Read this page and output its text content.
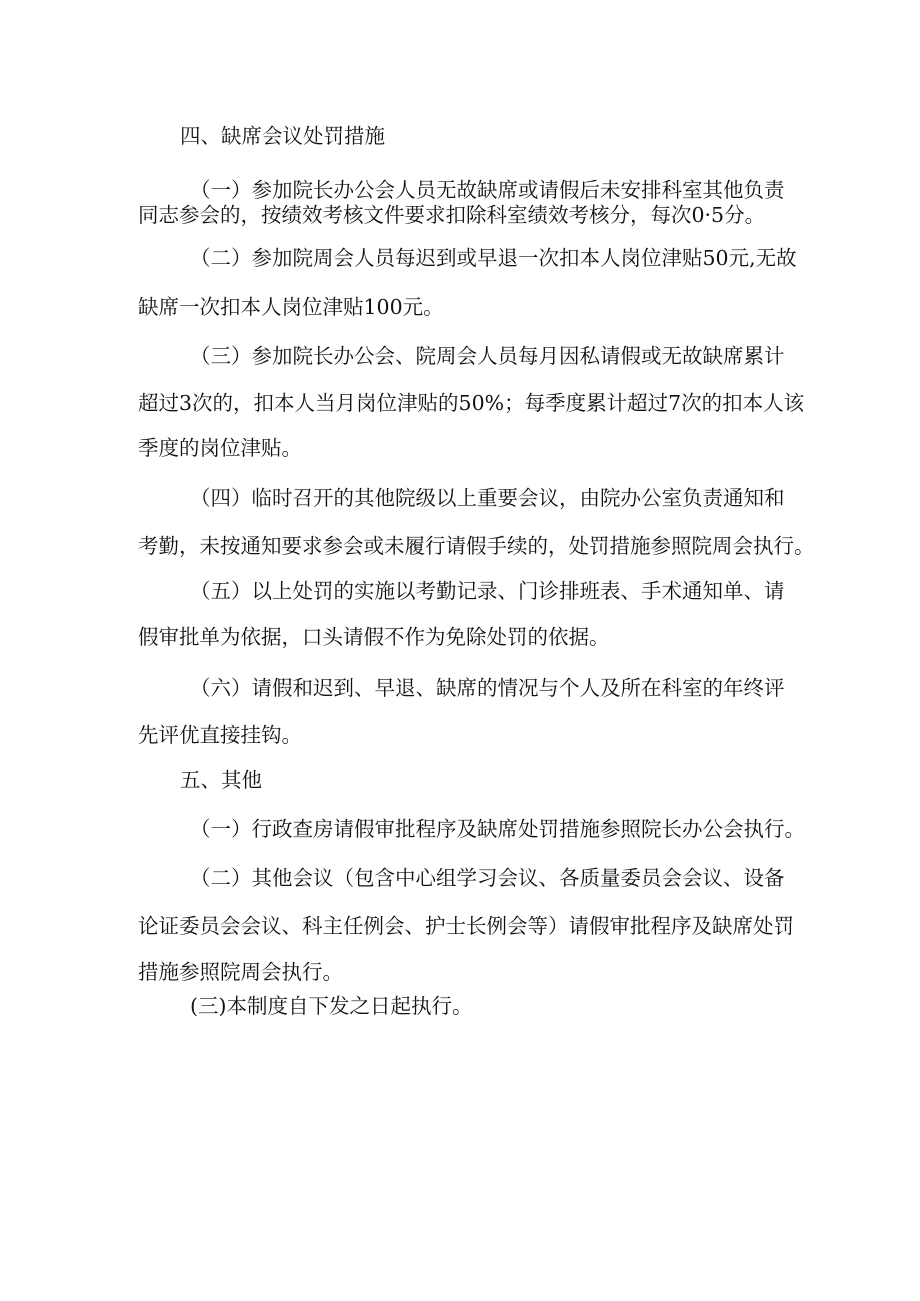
四、缺席会议处罚措施
（一）参加院长办公会人员无故缺席或请假后未安排科室其他负责
同志参会的，按绩效考核文件要求扣除科室绩效考核分，每次0·5分。
（二）参加院周会人员每迟到或早退一次扣本人岗位津贴50元,无故
缺席一次扣本人岗位津贴100元。
（三）参加院长办公会、院周会人员每月因私请假或无故缺席累计
超过3次的，扣本人当月岗位津贴的50%；每季度累计超过7次的扣本人该
季度的岗位津贴。
（四）临时召开的其他院级以上重要会议，由院办公室负责通知和
考勤，未按通知要求参会或未履行请假手续的，处罚措施参照院周会执行。
（五）以上处罚的实施以考勤记录、门诊排班表、手术通知单、请
假审批单为依据，口头请假不作为免除处罚的依据。
（六）请假和迟到、早退、缺席的情况与个人及所在科室的年终评
先评优直接挂钩。
五、其他
（一）行政查房请假审批程序及缺席处罚措施参照院长办公会执行。
（二）其他会议（包含中心组学习会议、各质量委员会会议、设备
论证委员会会议、科主任例会、护士长例会等）请假审批程序及缺席处罚
措施参照院周会执行。
(三)本制度自下发之日起执行。
